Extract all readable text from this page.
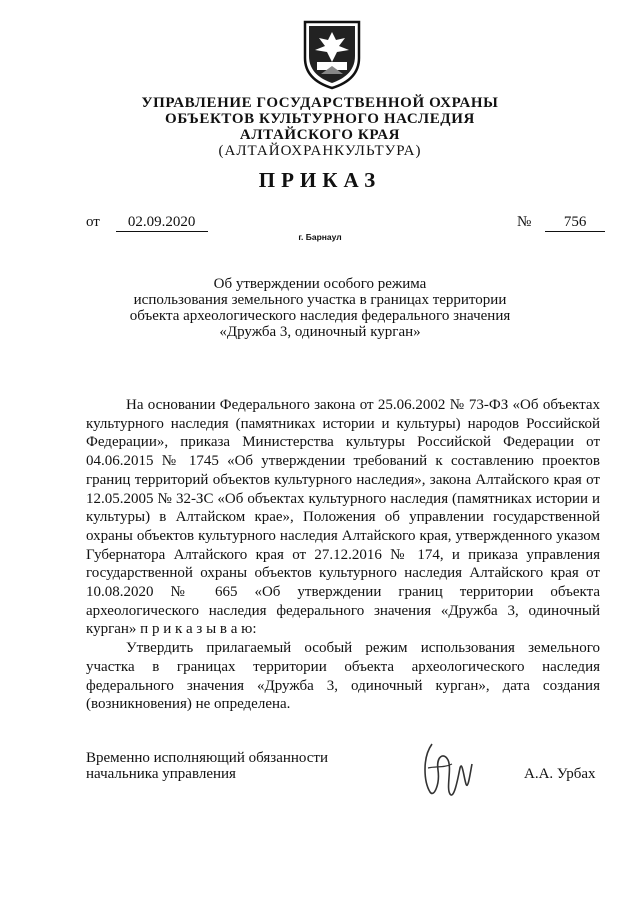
УПРАВЛЕНИЕ ГОСУДАРСТВЕННОЙ ОХРАНЫ
ОБЪЕКТОВ КУЛЬТУРНОГО НАСЛЕДИЯ
АЛТАЙСКОГО КРАЯ
(АЛТАЙОХРАНКУЛЬТУРА)
ПРИКАЗ
от 02.09.2020	№ 756
г. Барнаул
Об утверждении особого режима
использования земельного участка в границах территории
объекта археологического наследия федерального значения
«Дружба 3, одиночный курган»

На основании Федерального закона от 25.06.2002 № 73-ФЗ «Об объектах культурного наследия (памятниках истории и культуры) народов Российской Федерации», приказа Министерства культуры Российской Федерации от 04.06.2015 № 1745 «Об утверждении требований к составлению проектов границ территорий объектов культурного наследия», закона Алтайского края от 12.05.2005 № 32-ЗС «Об объектах культурного наследия (памятниках истории и культуры) в Алтайском крае», Положения об управлении государственной охраны объектов культурного наследия Алтайского края, утвержденного указом Губернатора Алтайского края от 27.12.2016 № 174, и приказа управления государственной охраны объектов культурного наследия Алтайского края от 10.08.2020 № 665 «Об утверждении границ территории объекта археологического наследия федерального значения «Дружба 3, одиночный курган» п р и к а з ы в а ю:

Утвердить прилагаемый особый режим использования земельного участка в границах территории объекта археологического наследия федерального значения «Дружба 3, одиночный курган», дата создания (возникновения) не определена.

Временно исполняющий обязанности
начальника управления	А.А. Урбах
